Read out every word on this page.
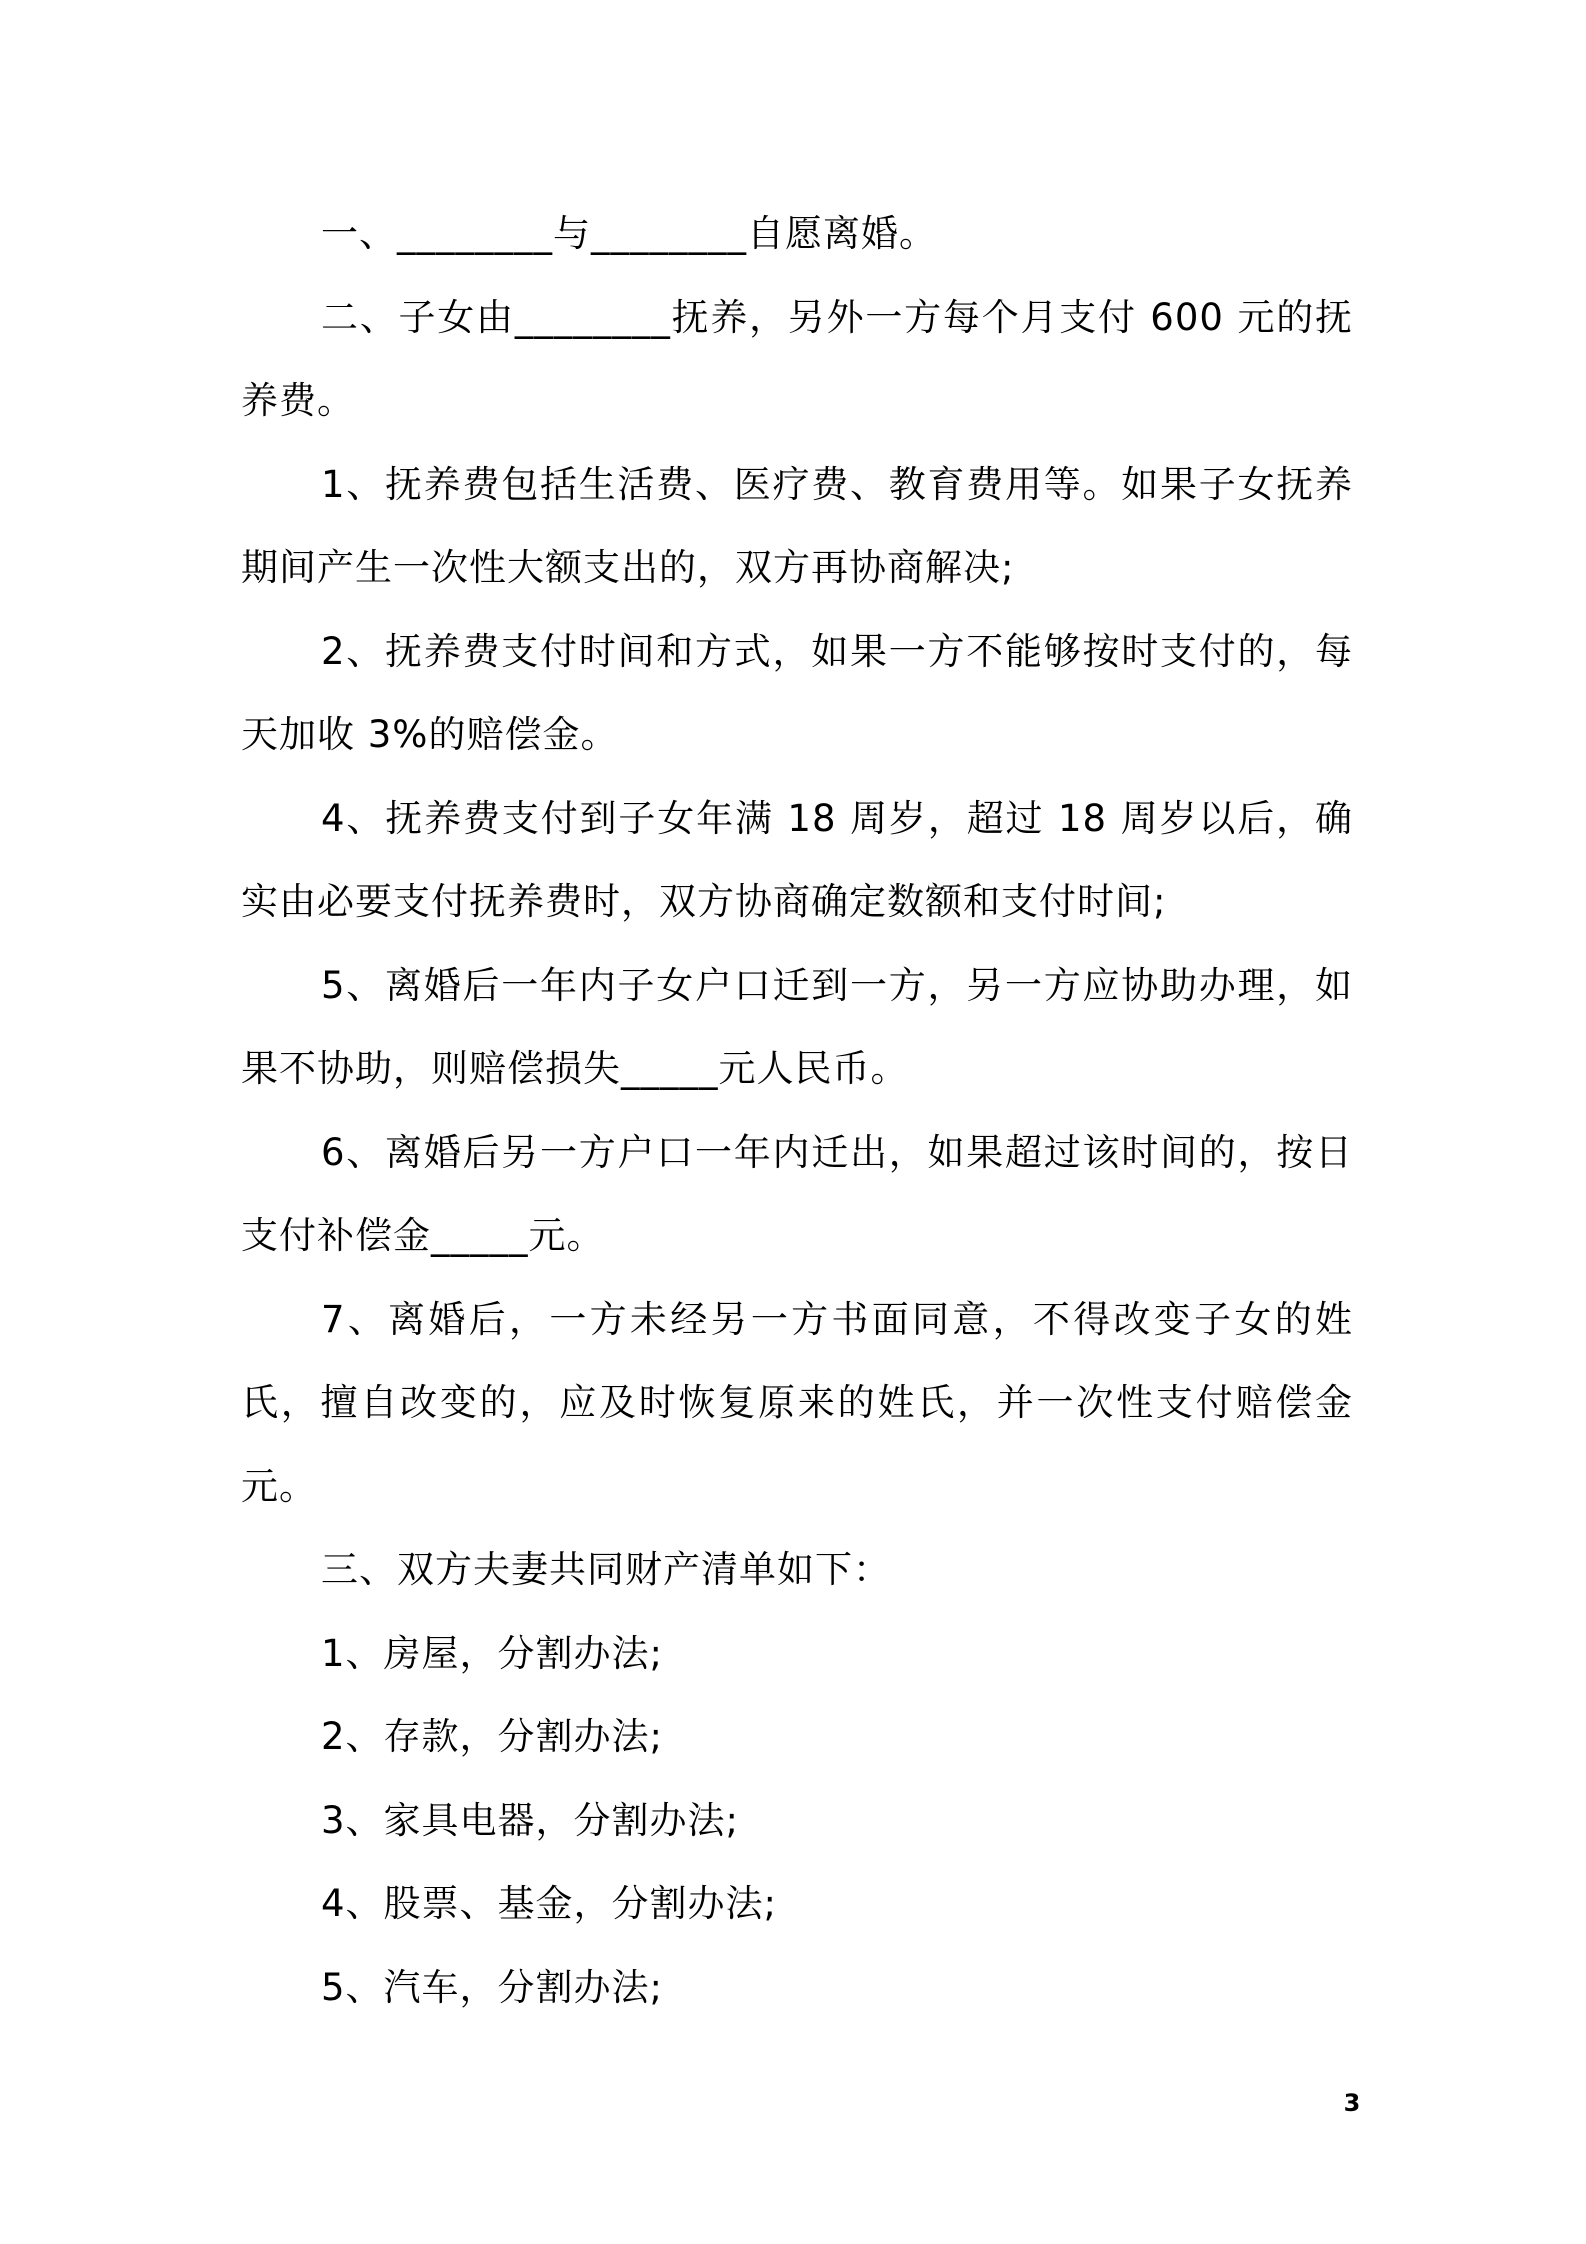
一、________与________自愿离婚。

二、子女由________抚养，另外一方每个月支付 600 元的抚养费。

1、抚养费包括生活费、医疗费、教育费用等。如果子女抚养期间产生一次性大额支出的，双方再协商解决;

2、抚养费支付时间和方式，如果一方不能够按时支付的，每天加收 3%的赔偿金。

4、抚养费支付到子女年满 18 周岁，超过 18 周岁以后，确实由必要支付抚养费时，双方协商确定数额和支付时间;

5、离婚后一年内子女户口迁到一方，另一方应协助办理，如果不协助，则赔偿损失_____元人民币。

6、离婚后另一方户口一年内迁出，如果超过该时间的，按日支付补偿金_____元。

7、离婚后，一方未经另一方书面同意，不得改变子女的姓氏，擅自改变的，应及时恢复原来的姓氏，并一次性支付赔偿金元。

三、双方夫妻共同财产清单如下：

1、房屋，分割办法;

2、存款，分割办法;

3、家具电器，分割办法;

4、股票、基金，分割办法;

5、汽车，分割办法;

3
